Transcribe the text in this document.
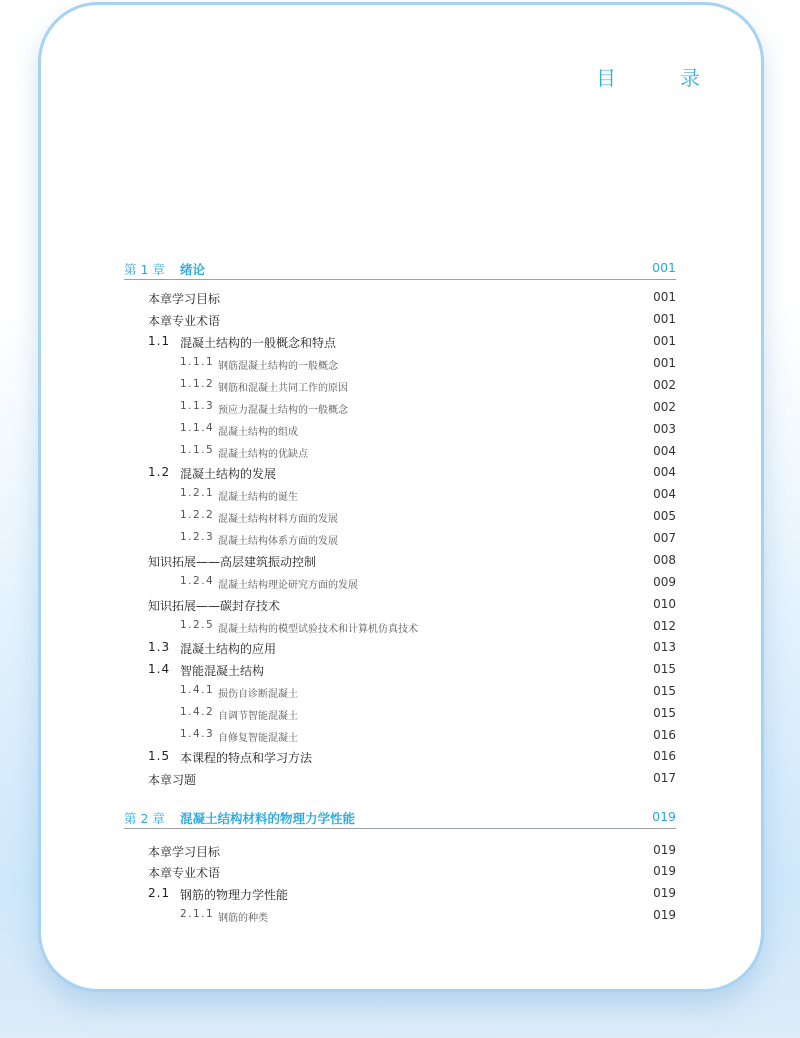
目　录
第 1 章 绪论	001
本章学习目标	001
本章专业术语	001
1.1 混凝土结构的一般概念和特点	001
1.1.1 钢筋混凝土结构的一般概念	001
1.1.2 钢筋和混凝土共同工作的原因	002
1.1.3 预应力混凝土结构的一般概念	002
1.1.4 混凝土结构的组成	003
1.1.5 混凝土结构的优缺点	004
1.2 混凝土结构的发展	004
1.2.1 混凝土结构的诞生	004
1.2.2 混凝土结构材料方面的发展	005
1.2.3 混凝土结构体系方面的发展	007
知识拓展——高层建筑振动控制	008
1.2.4 混凝土结构理论研究方面的发展	009
知识拓展——碳封存技术	010
1.2.5 混凝土结构的模型试验技术和计算机仿真技术	012
1.3 混凝土结构的应用	013
1.4 智能混凝土结构	015
1.4.1 损伤自诊断混凝土	015
1.4.2 自调节智能混凝土	015
1.4.3 自修复智能混凝土	016
1.5 本课程的特点和学习方法	016
本章习题	017
第 2 章 混凝土结构材料的物理力学性能	019
本章学习目标	019
本章专业术语	019
2.1 钢筋的物理力学性能	019
2.1.1 钢筋的种类	019
